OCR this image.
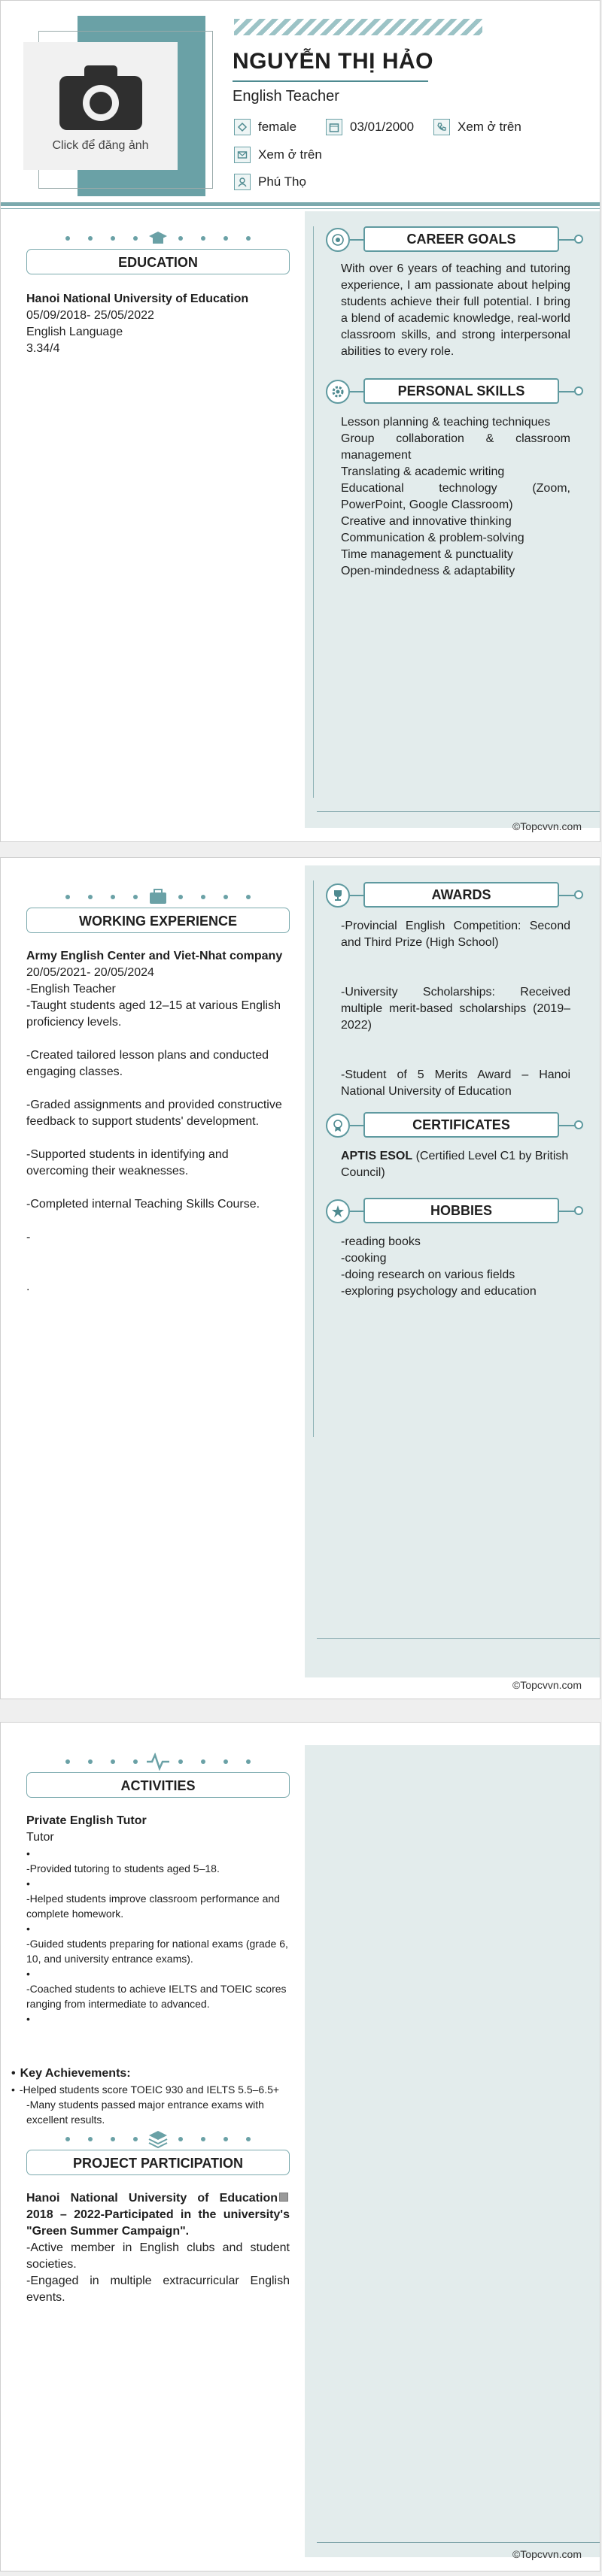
©Topcvvn.com
Click để đăng ảnh
NGUYỄN THỊ HẢO
English Teacher
female	03/01/2000	Xem ở trên
Xem ở trên
Phú Thọ
EDUCATION
Hanoi National University of Education
05/09/2018- 25/05/2022
English Language
3.34/4
CAREER GOALS
With over 6 years of teaching and tutoring experience, I am passionate about helping students achieve their full potential. I bring a blend of academic knowledge, real-world classroom skills, and strong interpersonal abilities to every role.
PERSONAL SKILLS
Lesson planning & teaching techniques
Group collaboration & classroom management
Translating & academic writing
Educational technology (Zoom, PowerPoint, Google Classroom)
Creative and innovative thinking
Communication & problem-solving
Time management & punctuality
Open-mindedness & adaptability
©Topcvvn.com
WORKING EXPERIENCE
Army English Center and Viet-Nhat company
20/05/2021- 20/05/2024
-English Teacher
-Taught students aged 12–15 at various English proficiency levels.
-Created tailored lesson plans and conducted engaging classes.
-Graded assignments and provided constructive feedback to support students' development.
-Supported students in identifying and overcoming their weaknesses.
-Completed internal Teaching Skills Course.
-
.
AWARDS
-Provincial English Competition: Second and Third Prize (High School)
-University Scholarships: Received multiple merit-based scholarships (2019–2022)
-Student of 5 Merits Award – Hanoi National University of Education
CERTIFICATES
APTIS ESOL (Certified Level C1 by British Council)
HOBBIES
-reading books
-cooking
-doing research on various fields
-exploring psychology and education
©Topcvvn.com
ACTIVITIES
Private English Tutor
Tutor
•
-Provided tutoring to students aged 5–18.
•
-Helped students improve classroom performance and complete homework.
•
-Guided students preparing for national exams (grade 6, 10, and university entrance exams).
•
-Coached students to achieve IELTS and TOEIC scores ranging from intermediate to advanced.
•
• Key Achievements:
• -Helped students score TOEIC 930 and IELTS 5.5–6.5+
-Many students passed major entrance exams with excellent results.
PROJECT PARTICIPATION
Hanoi National University of Education 2018 – 2022-Participated in the university's "Green Summer Campaign".
-Active member in English clubs and student societies.
-Engaged in multiple extracurricular English events.
